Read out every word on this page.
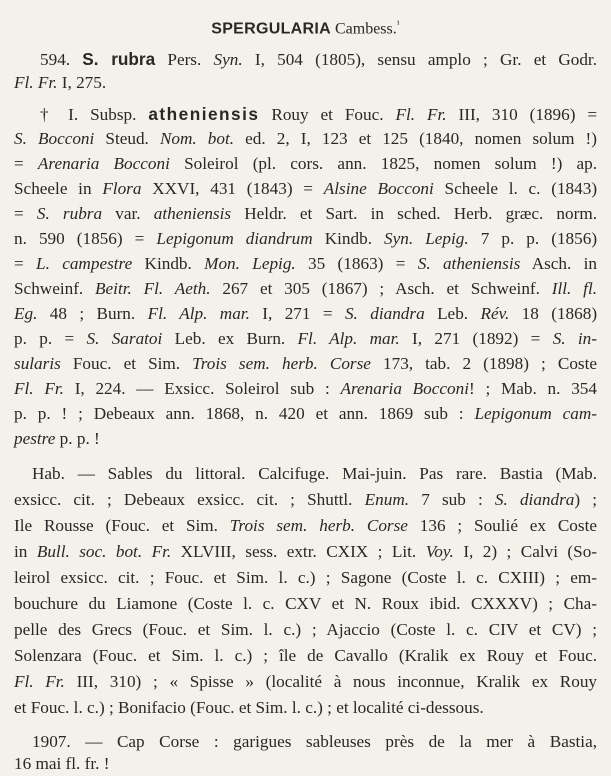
SPERGULARIA Cambess.$^{^1}$
594. S. rubra Pers. Syn. I, 504 (1805), sensu amplo ; Gr. et Godr.
Fl. Fr. I, 275.
† I. Subsp. atheniensis Rouy et Fouc. Fl. Fr. III, 310 (1896) =
S. Bocconi Steud. Nom. bot. ed. 2, I, 123 et 125 (1840, nomen solum !)
= Arenaria Bocconi Soleirol (pl. cors. ann. 1825, nomen solum !) ap.
Scheele in Flora XXVI, 431 (1843) = Alsine Bocconi Scheele l. c. (1843)
= S. rubra var. atheniensis Heldr. et Sart. in sched. Herb. græc. norm.
n. 590 (1856) = Lepigonum diandrum Kindb. Syn. Lepig. 7 p. p. (1856)
= L. campestre Kindb. Mon. Lepig. 35 (1863) = S. atheniensis Asch. in
Schweinf. Beitr. Fl. Aeth. 267 et 305 (1867) ; Asch. et Schweinf. Ill. fl.
Eg. 48 ; Burn. Fl. Alp. mar. I, 271 = S. diandra Leb. Rév. 18 (1868)
p. p. = S. Saratoi Leb. ex Burn. Fl. Alp. mar. I, 271 (1892) = S. in-
sularis Fouc. et Sim. Trois sem. herb. Corse 173, tab. 2 (1898) ; Coste
Fl. Fr. I, 224. — Exsicc. Soleirol sub : Arenaria Bocconi! ; Mab. n. 354
p. p. ! ; Debeaux ann. 1868, n. 420 et ann. 1869 sub : Lepigonum cam-
pestre p. p. !
Hab. — Sables du littoral. Calcifuge. Mai-juin. Pas rare. Bastia (Mab.
exsicc. cit. ; Debeaux exsicc. cit. ; Shuttl. Enum. 7 sub : S. diandra) ;
Ile Rousse (Fouc. et Sim. Trois sem. herb. Corse 136 ; Soulié ex Coste
in Bull. soc. bot. Fr. XLVIII, sess. extr. CXIX ; Lit. Voy. I, 2) ; Calvi (So-
leirol exsicc. cit. ; Fouc. et Sim. l. c.) ; Sagone (Coste l. c. CXIII) ; em-
bouchure du Liamone (Coste l. c. CXV et N. Roux ibid. CXXXV) ; Cha-
pelle des Grecs (Fouc. et Sim. l. c.) ; Ajaccio (Coste l. c. CIV et CV) ;
Solenzara (Fouc. et Sim. l. c.) ; île de Cavallo (Kralik ex Rouy et Fouc.
Fl. Fr. III, 310) ; « Spisse » (localité à nous inconnue, Kralik ex Rouy
et Fouc. l. c.) ; Bonifacio (Fouc. et Sim. l. c.) ; et localité ci-dessous.
1907. — Cap Corse : garigues sableuses près de la mer à Bastia,
16 mai fl. fr. !
